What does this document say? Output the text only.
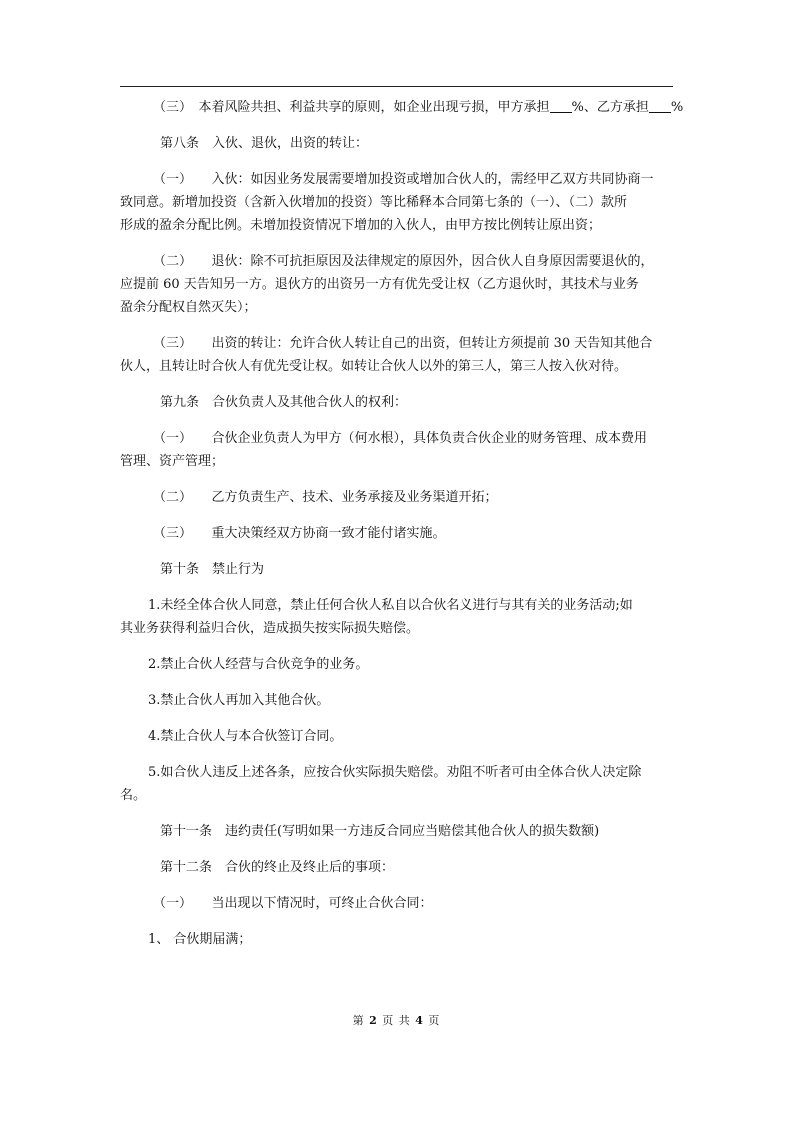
（三）　本着风险共担、利益共享的原则，如企业出现亏损，甲方承担 %、乙方承担 %

第八条　入伙、退伙，出资的转让：

（一）　　入伙：如因业务发展需要增加投资或增加合伙人的，需经甲乙双方共同协商一

致同意。新增加投资（含新入伙增加的投资）等比稀释本合同第七条的（一）、（二）款所

形成的盈余分配比例。未增加投资情况下增加的入伙人，由甲方按比例转让原出资；

（二）　　退伙：除不可抗拒原因及法律规定的原因外，因合伙人自身原因需要退伙的，

应提前 60 天告知另一方。退伙方的出资另一方有优先受让权（乙方退伙时，其技术与业务

盈余分配权自然灭失）；

（三）　　出资的转让：允许合伙人转让自己的出资，但转让方须提前 30 天告知其他合

伙人，且转让时合伙人有优先受让权。如转让合伙人以外的第三人，第三人按入伙对待。

第九条　合伙负责人及其他合伙人的权利：

（一）　　合伙企业负责人为甲方（何水根），具体负责合伙企业的财务管理、成本费用

管理、资产管理；

（二）　　乙方负责生产、技术、业务承接及业务渠道开拓；

（三）　　重大决策经双方协商一致才能付诸实施。

第十条　禁止行为

1.未经全体合伙人同意，禁止任何合伙人私自以合伙名义进行与其有关的业务活动;如

其业务获得利益归合伙，造成损失按实际损失赔偿。

2.禁止合伙人经营与合伙竞争的业务。

3.禁止合伙人再加入其他合伙。

4.禁止合伙人与本合伙签订合同。

5.如合伙人违反上述各条，应按合伙实际损失赔偿。劝阻不听者可由全体合伙人决定除

名。

第十一条　违约责任(写明如果一方违反合同应当赔偿其他合伙人的损失数额)

第十二条　合伙的终止及终止后的事项：

（一）　　当出现以下情况时，可终止合伙合同：

1、 合伙期届满；

第 2 页 共 4 页
